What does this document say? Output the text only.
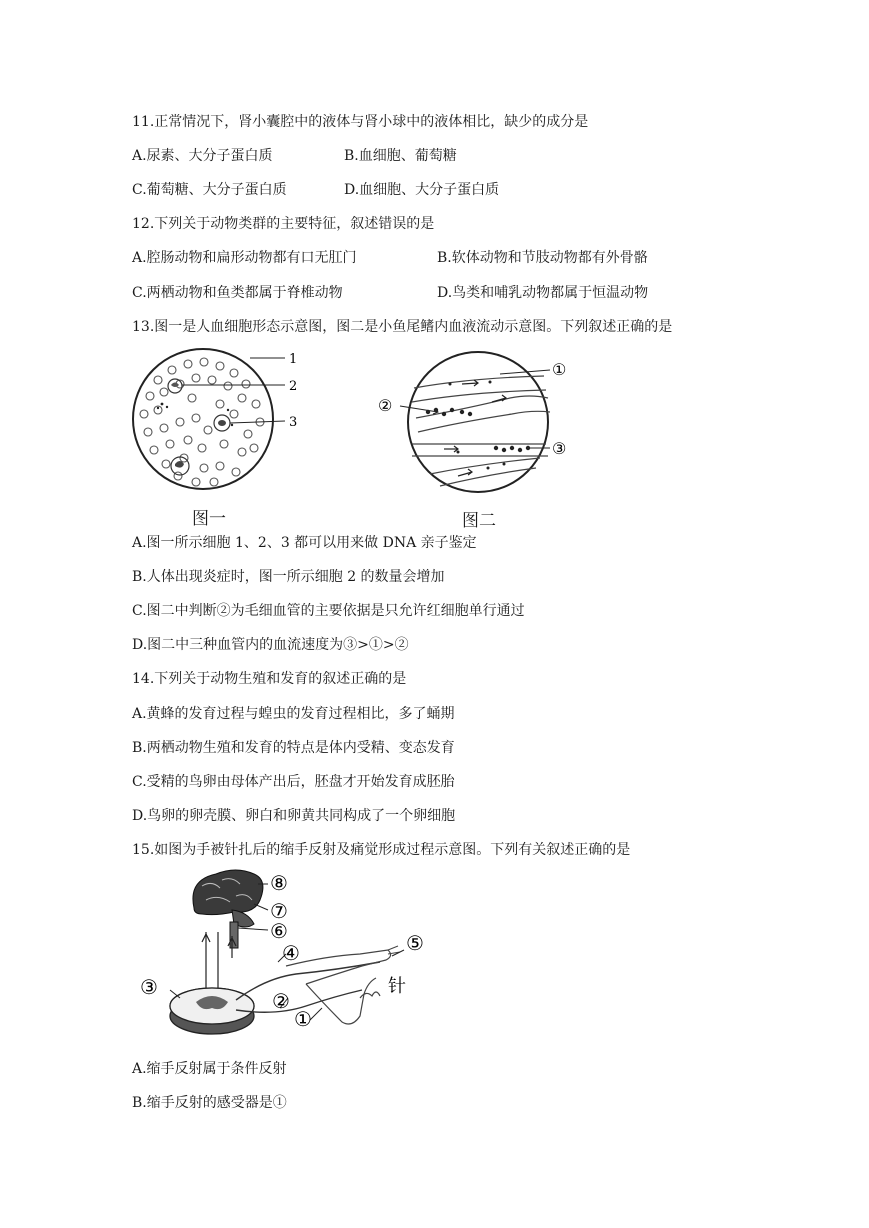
11.正常情况下，肾小囊腔中的液体与肾小球中的液体相比，缺少的成分是
A.尿素、大分子蛋白质	B.血细胞、葡萄糖
C.葡萄糖、大分子蛋白质	D.血细胞、大分子蛋白质
12.下列关于动物类群的主要特征，叙述错误的是
A.腔肠动物和扁形动物都有口无肛门	B.软体动物和节肢动物都有外骨骼
C.两栖动物和鱼类都属于脊椎动物	D.鸟类和哺乳动物都属于恒温动物
13.图一是人血细胞形态示意图，图二是小鱼尾鳍内血液流动示意图。下列叙述正确的是
1
2
3
图一
①
②
③
图二
A.图一所示细胞 1、2、3 都可以用来做 DNA 亲子鉴定
B.人体出现炎症时，图一所示细胞 2 的数量会增加
C.图二中判断②为毛细血管的主要依据是只允许红细胞单行通过
D.图二中三种血管内的血流速度为③>①>②
14.下列关于动物生殖和发育的叙述正确的是
A.黄蜂的发育过程与蝗虫的发育过程相比，多了蛹期
B.两栖动物生殖和发育的特点是体内受精、变态发育
C.受精的鸟卵由母体产出后，胚盘才开始发育成胚胎
D.鸟卵的卵壳膜、卵白和卵黄共同构成了一个卵细胞
15.如图为手被针扎后的缩手反射及痛觉形成过程示意图。下列有关叙述正确的是
⑧
⑦
⑥
④	⑤
③
②
①
针
A.缩手反射属于条件反射
B.缩手反射的感受器是①
